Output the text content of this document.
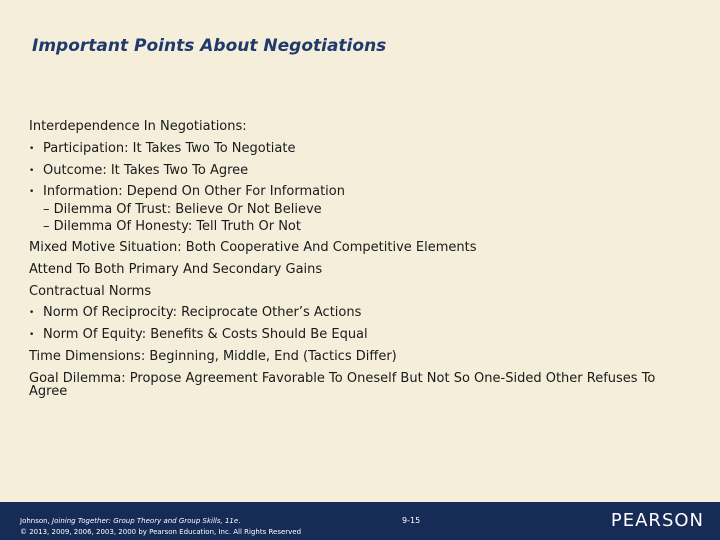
Important Points About Negotiations
Interdependence In Negotiations:
• Participation: It Takes Two To Negotiate
• Outcome: It Takes Two To Agree
• Information: Depend On Other For Information
– Dilemma Of Trust: Believe Or Not Believe
– Dilemma Of Honesty: Tell Truth Or Not
Mixed Motive Situation: Both Cooperative And Competitive Elements
Attend To Both Primary And Secondary Gains
Contractual Norms
• Norm Of Reciprocity: Reciprocate Other’s Actions
• Norm Of Equity: Benefits & Costs Should Be Equal
Time Dimensions: Beginning, Middle, End (Tactics Differ)
Goal Dilemma: Propose Agreement Favorable To Oneself But Not So One-Sided Other Refuses To Agree
Johnson, Joining Together: Group Theory and Group Skills, 11e.
© 2013, 2009, 2006, 2003, 2000 by Pearson Education, Inc. All Rights Reserved
9-15	PEARSON
